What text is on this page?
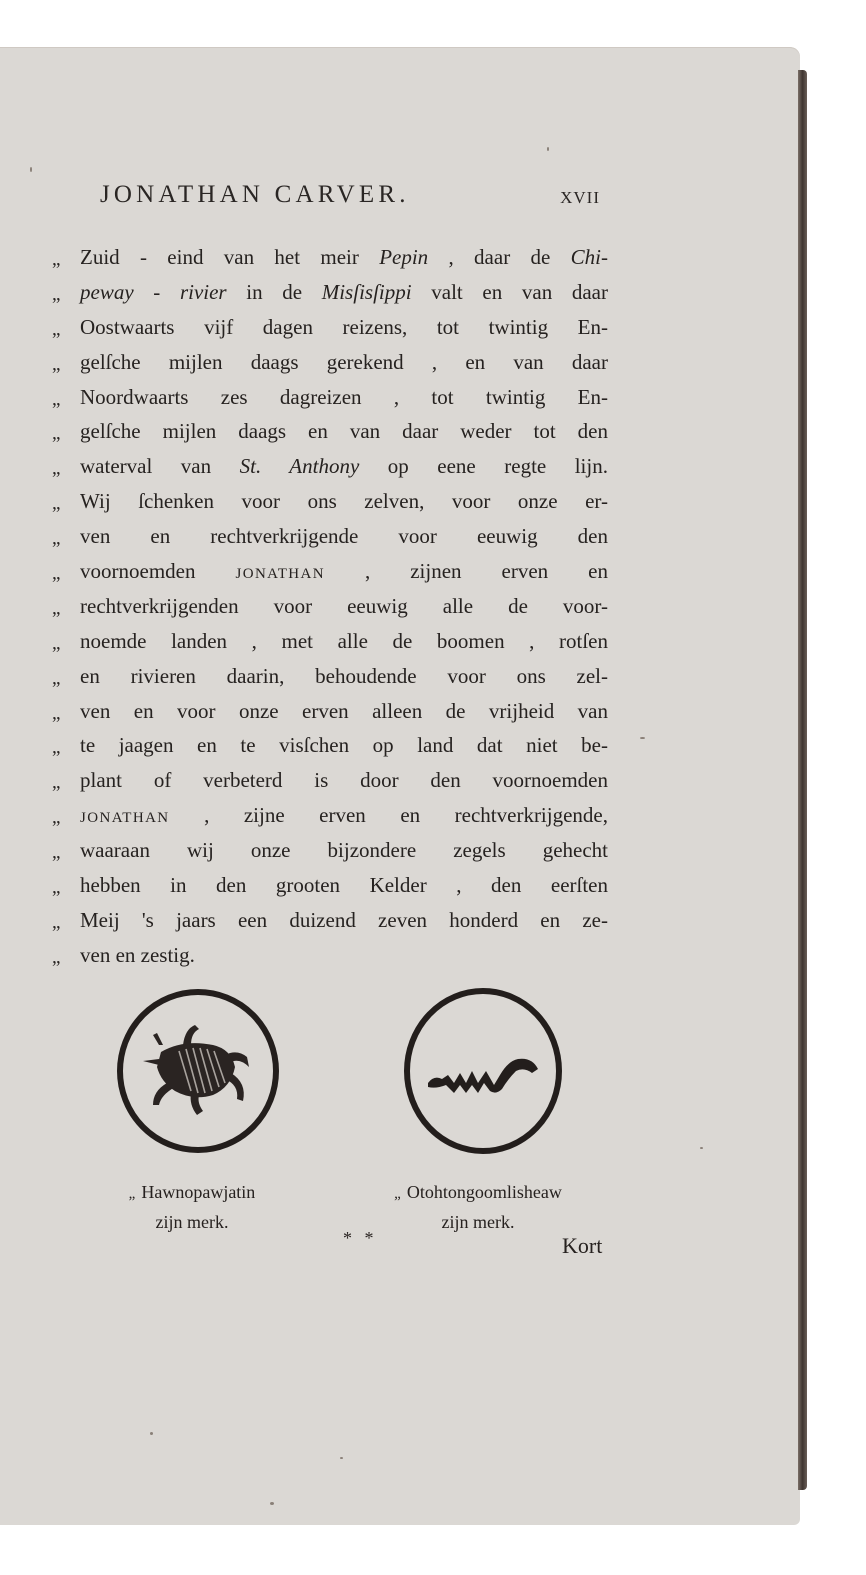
JONATHAN CARVER.	XVII
„ Zuid - eind van het meir Pepin , daar de Chi-
„ peway - rivier in de Misſisſippi valt en van daar
„ Oostwaarts vijf dagen reizens, tot twintig En-
„ gelſche mijlen daags gerekend , en van daar
„ Noordwaarts zes dagreizen , tot twintig En-
„ gelſche mijlen daags en van daar weder tot den
„ waterval van St. Anthony op eene regte lijn.
„ Wij ſchenken voor ons zelven, voor onze er-
„ ven en rechtverkrijgende voor eeuwig den
„ voornoemden JONATHAN , zijnen erven en
„ rechtverkrijgenden voor eeuwig alle de voor-
„ noemde landen , met alle de boomen , rotſen
„ en rivieren daarin, behoudende voor ons zel-
„ ven en voor onze erven alleen de vrijheid van
„ te jaagen en te visſchen op land dat niet be-
„ plant of verbeterd is door den voornoemden
„	JONATHAN , zijne erven en rechtverkrijgende,
„ waaraan wij onze bijzondere zegels gehecht
„ hebben in den grooten Kelder , den eerſten
„ Meij 's jaars een duizend zeven honderd en ze-
„ ven en zestig.
„ Hawnopawjatin
zijn merk.
„ Otohtongoomlisheaw
zijn merk.
* *	Kort
